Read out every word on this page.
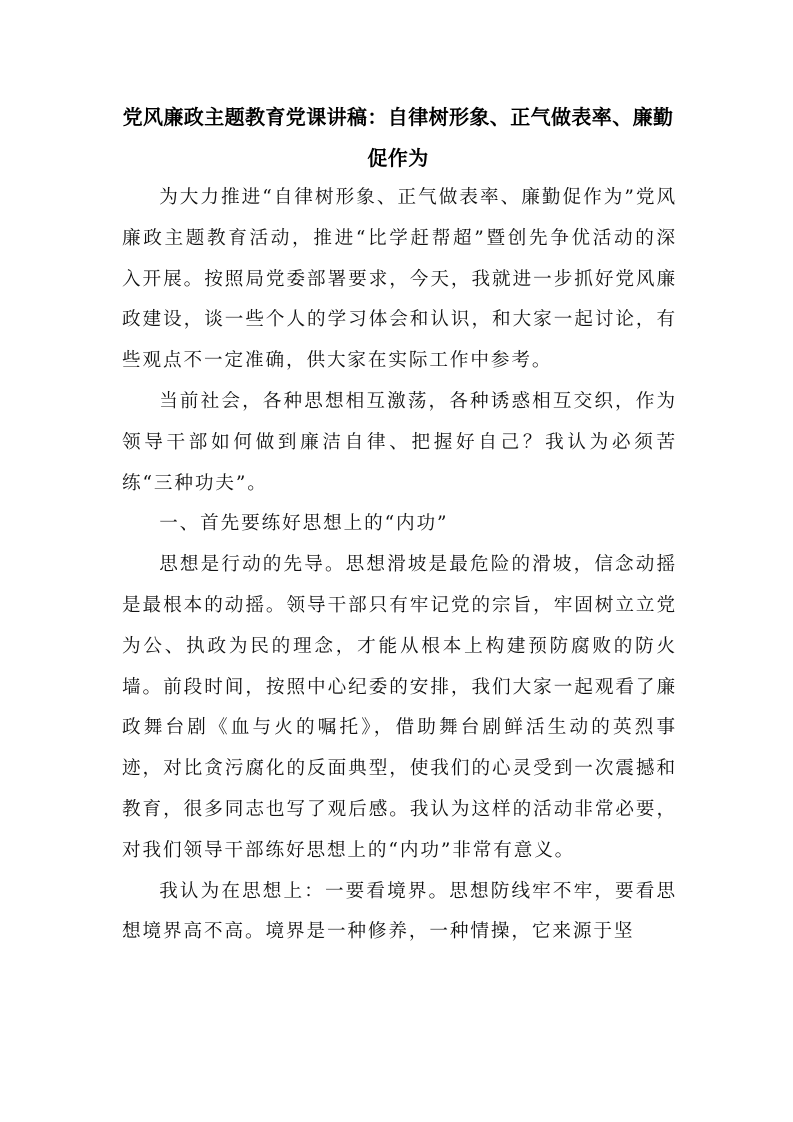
党风廉政主题教育党课讲稿：自律树形象、正气做表率、廉勤促作为

为大力推进“自律树形象、正气做表率、廉勤促作为”党风廉政主题教育活动，推进“比学赶帮超”暨创先争优活动的深入开展。按照局党委部署要求，今天，我就进一步抓好党风廉政建设，谈一些个人的学习体会和认识，和大家一起讨论，有些观点不一定准确，供大家在实际工作中参考。

当前社会，各种思想相互激荡，各种诱惑相互交织，作为领导干部如何做到廉洁自律、把握好自己？我认为必须苦练“三种功夫”。

一、首先要练好思想上的“内功”

思想是行动的先导。思想滑坡是最危险的滑坡，信念动摇是最根本的动摇。领导干部只有牢记党的宗旨，牢固树立立党为公、执政为民的理念，才能从根本上构建预防腐败的防火墙。前段时间，按照中心纪委的安排，我们大家一起观看了廉政舞台剧《血与火的嘱托》，借助舞台剧鲜活生动的英烈事迹，对比贪污腐化的反面典型，使我们的心灵受到一次震撼和教育，很多同志也写了观后感。我认为这样的活动非常必要，对我们领导干部练好思想上的“内功”非常有意义。

我认为在思想上：一要看境界。思想防线牢不牢，要看思想境界高不高。境界是一种修养，一种情操，它来源于坚
